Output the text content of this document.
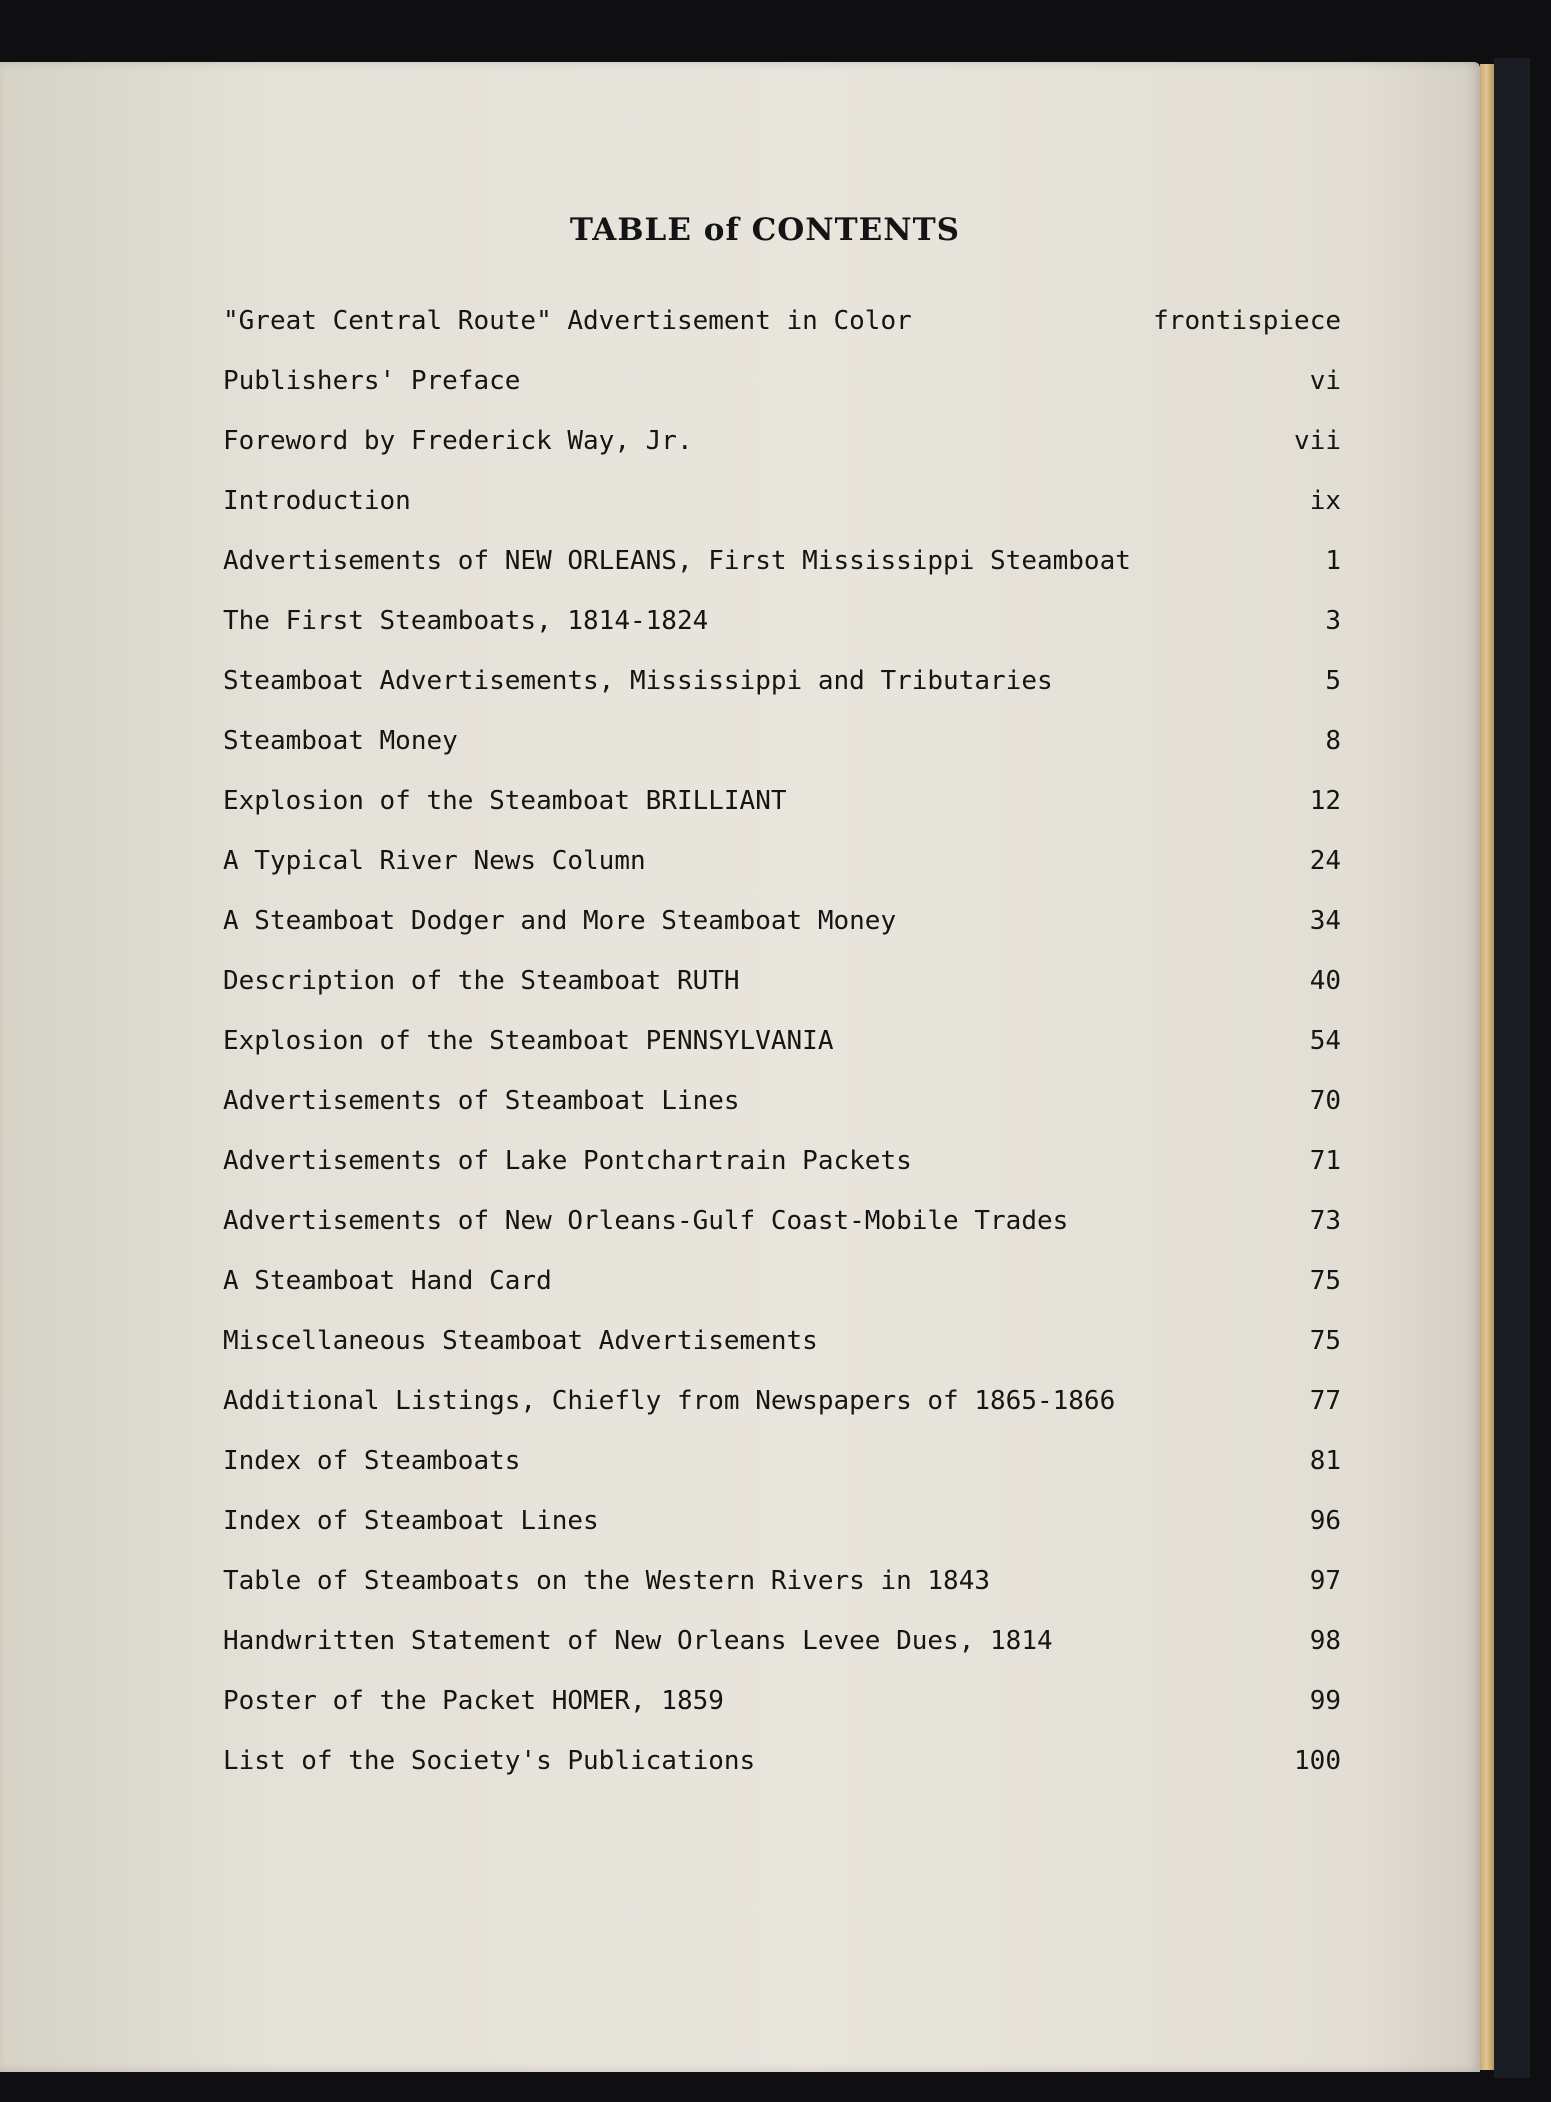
TABLE of CONTENTS
"Great Central Route" Advertisement in Color	frontispiece
Publishers' Preface	vi
Foreword by Frederick Way, Jr.	vii
Introduction	ix
Advertisements of NEW ORLEANS, First Mississippi Steamboat	1
The First Steamboats, 1814-1824	3
Steamboat Advertisements, Mississippi and Tributaries	5
Steamboat Money	8
Explosion of the Steamboat BRILLIANT	12
A Typical River News Column	24
A Steamboat Dodger and More Steamboat Money	34
Description of the Steamboat RUTH	40
Explosion of the Steamboat PENNSYLVANIA	54
Advertisements of Steamboat Lines	70
Advertisements of Lake Pontchartrain Packets	71
Advertisements of New Orleans-Gulf Coast-Mobile Trades	73
A Steamboat Hand Card	75
Miscellaneous Steamboat Advertisements	75
Additional Listings, Chiefly from Newspapers of 1865-1866	77
Index of Steamboats	81
Index of Steamboat Lines	96
Table of Steamboats on the Western Rivers in 1843	97
Handwritten Statement of New Orleans Levee Dues, 1814	98
Poster of the Packet HOMER, 1859	99
List of the Society's Publications	100
